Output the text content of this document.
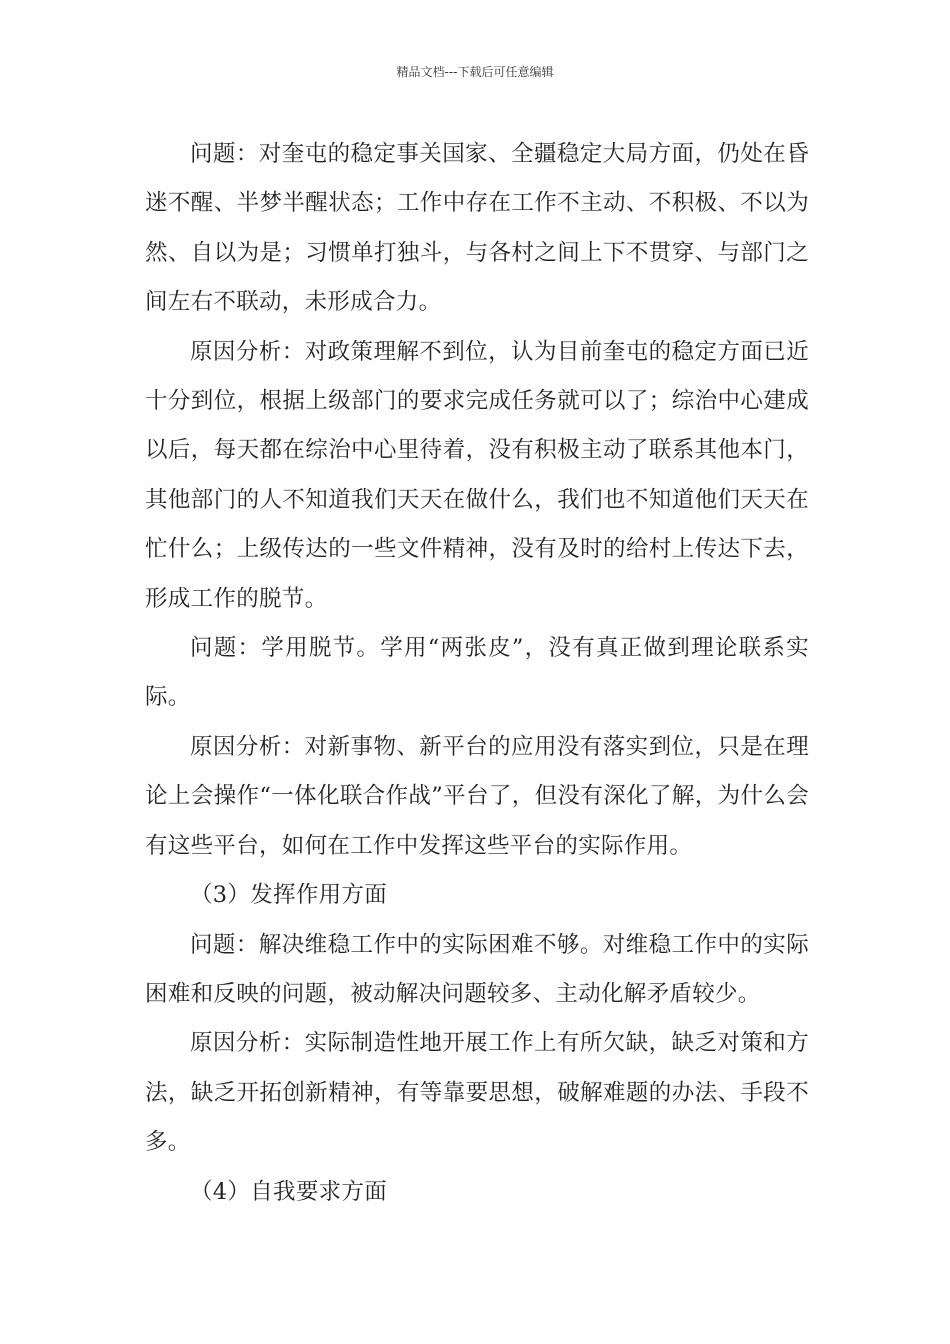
精品文档---下载后可任意编辑

问题：对奎屯的稳定事关国家、全疆稳定大局方面，仍处在昏迷不醒、半梦半醒状态；工作中存在工作不主动、不积极、不以为然、自以为是；习惯单打独斗，与各村之间上下不贯穿、与部门之间左右不联动，未形成合力。

原因分析：对政策理解不到位，认为目前奎屯的稳定方面已近十分到位，根据上级部门的要求完成任务就可以了；综治中心建成以后，每天都在综治中心里待着，没有积极主动了联系其他本门，其他部门的人不知道我们天天在做什么，我们也不知道他们天天在忙什么；上级传达的一些文件精神，没有及时的给村上传达下去，形成工作的脱节。

问题：学用脱节。学用“两张皮”，没有真正做到理论联系实际。

原因分析：对新事物、新平台的应用没有落实到位，只是在理论上会操作“一体化联合作战”平台了，但没有深化了解，为什么会有这些平台，如何在工作中发挥这些平台的实际作用。

（3）发挥作用方面

问题：解决维稳工作中的实际困难不够。对维稳工作中的实际困难和反映的问题，被动解决问题较多、主动化解矛盾较少。

原因分析：实际制造性地开展工作上有所欠缺，缺乏对策和方法，缺乏开拓创新精神，有等靠要思想，破解难题的办法、手段不多。

（4）自我要求方面
